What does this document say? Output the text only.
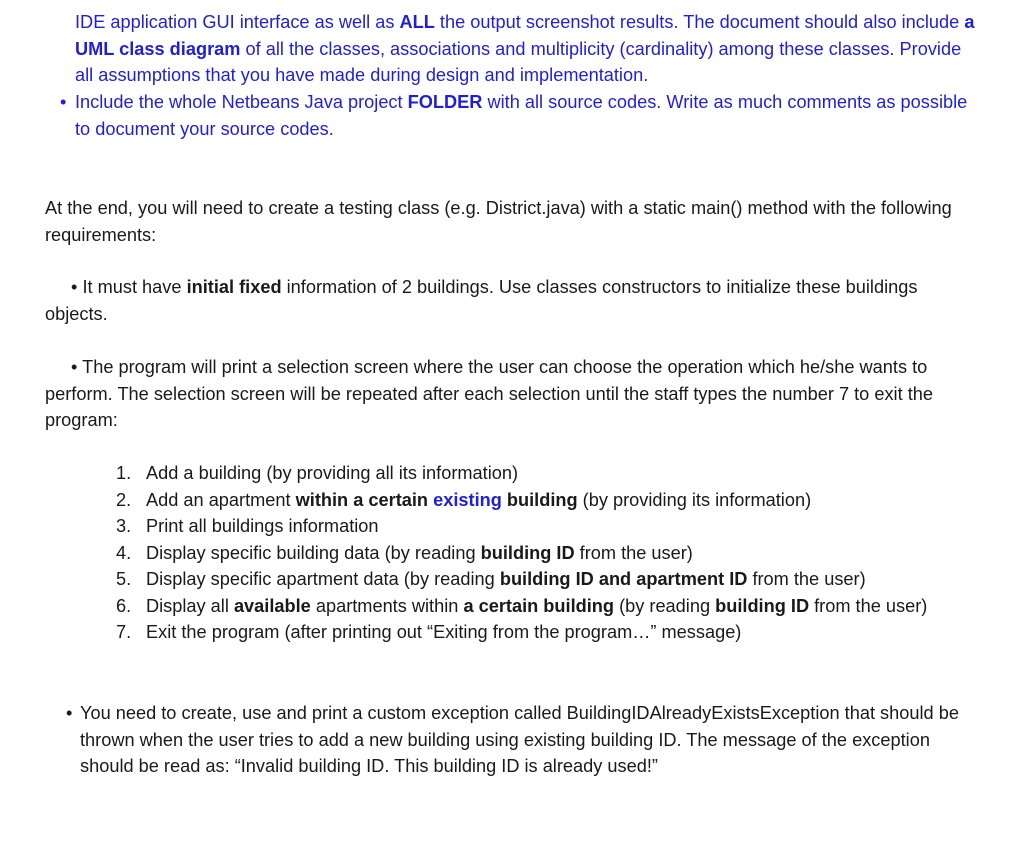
IDE application GUI interface as well as ALL the output screenshot results. The document should also include a UML class diagram of all the classes, associations and multiplicity (cardinality) among these classes. Provide all assumptions that you have made during design and implementation.
• Include the whole Netbeans Java project FOLDER with all source codes. Write as much comments as possible to document your source codes.
At the end, you will need to create a testing class (e.g. District.java) with a static main() method with the following requirements:
• It must have initial fixed information of 2 buildings. Use classes constructors to initialize these buildings objects.
• The program will print a selection screen where the user can choose the operation which he/she wants to perform. The selection screen will be repeated after each selection until the staff types the number 7 to exit the program:
1. Add a building (by providing all its information)
2. Add an apartment within a certain existing building (by providing its information)
3. Print all buildings information
4. Display specific building data (by reading building ID from the user)
5. Display specific apartment data (by reading building ID and apartment ID from the user)
6. Display all available apartments within a certain building (by reading building ID from the user)
7. Exit the program (after printing out “Exiting from the program…” message)
• You need to create, use and print a custom exception called BuildingIDAlreadyExistsException that should be thrown when the user tries to add a new building using existing building ID. The message of the exception should be read as: “Invalid building ID. This building ID is already used!”
